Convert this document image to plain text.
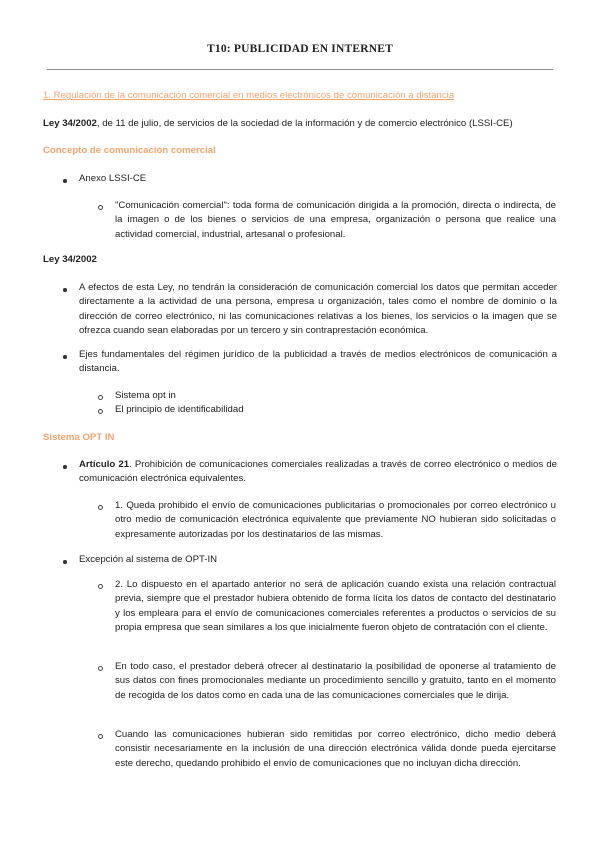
T10: PUBLICIDAD EN INTERNET

1. Regulación de la comunicación comercial en medios electrónicos de comunicación a distancia

Ley 34/2002, de 11 de julio, de servicios de la sociedad de la información y de comercio electrónico (LSSI-CE)

Concepto de comunicación comercial

Anexo LSSI-CE

"Comunicación comercial": toda forma de comunicación dirigida a la promoción, directa o indirecta, de la imagen o de los bienes o servicios de una empresa, organización o persona que realice una actividad comercial, industrial, artesanal o profesional.

Ley 34/2002

A efectos de esta Ley, no tendrán la consideración de comunicación comercial los datos que permitan acceder directamente a la actividad de una persona, empresa u organización, tales como el nombre de dominio o la dirección de correo electrónico, ni las comunicaciones relativas a los bienes, los servicios o la imagen que se ofrezca cuando sean elaboradas por un tercero y sin contraprestación económica.

Ejes fundamentales del régimen jurídico de la publicidad a través de medios electrónicos de comunicación a distancia.

Sistema opt in

El principio de identificabilidad

Sistema OPT IN

Artículo 21. Prohibición de comunicaciones comerciales realizadas a través de correo electrónico o medios de comunicación electrónica equivalentes.

1. Queda prohibido el envío de comunicaciones publicitarias o promocionales por correo electrónico u otro medio de comunicación electrónica equivalente que previamente NO hubieran sido solicitadas o expresamente autorizadas por los destinatarios de las mismas.

Excepción al sistema de OPT-IN

2. Lo dispuesto en el apartado anterior no será de aplicación cuando exista una relación contractual previa, siempre que el prestador hubiera obtenido de forma lícita los datos de contacto del destinatario y los empleara para el envío de comunicaciones comerciales referentes a productos o servicios de su propia empresa que sean similares a los que inicialmente fueron objeto de contratación con el cliente.

En todo caso, el prestador deberá ofrecer al destinatario la posibilidad de oponerse al tratamiento de sus datos con fines promocionales mediante un procedimiento sencillo y gratuito, tanto en el momento de recogida de los datos como en cada una de las comunicaciones comerciales que le dirija.

Cuando las comunicaciones hubieran sido remitidas por correo electrónico, dicho medio deberá consistir necesariamente en la inclusión de una dirección electrónica válida donde pueda ejercitarse este derecho, quedando prohibido el envío de comunicaciones que no incluyan dicha dirección.
